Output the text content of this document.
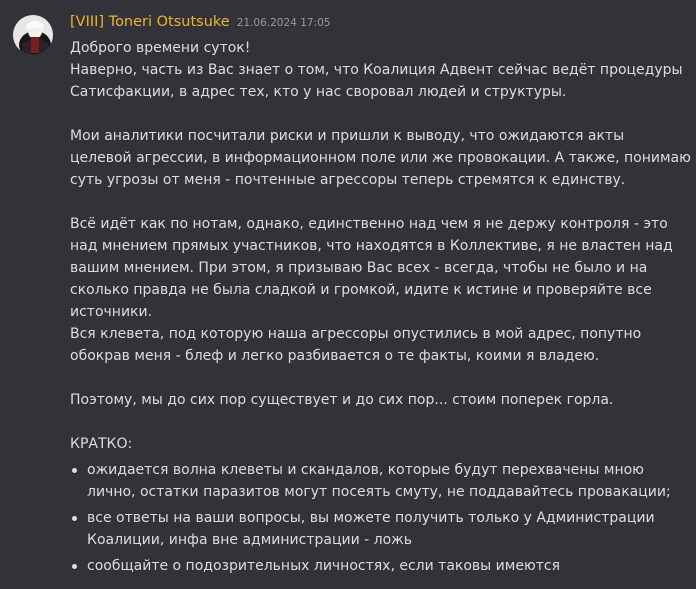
[VIII] Toneri Otsutsuke 21.06.2024 17:05
Доброго времени суток!
Наверно, часть из Вас знает о том, что Коалиция Адвент сейчас ведёт процедуры
Сатисфакции, в адрес тех, кто у нас своровал людей и структуры.
Мои аналитики посчитали риски и пришли к выводу, что ожидаются акты
целевой агрессии, в информационном поле или же провокации. А также, понимаю
суть угрозы от меня - почтенные агрессоры теперь стремятся к единству.
Всё идёт как по нотам, однако, единственно над чем я не держу контроля - это
над мнением прямых участников, что находятся в Коллективе, я не властен над
вашим мнением. При этом, я призываю Вас всех - всегда, чтобы не было и на
сколько правда не была сладкой и громкой, идите к истине и проверяйте все
источники.
Вся клевета, под которую наша агрессоры опустились в мой адрес, попутно
обокрав меня - блеф и легко разбивается о те факты, коими я владею.
Поэтому, мы до сих пор существует и до сих пор... стоим поперек горла.
КРАТКО:
ожидается волна клеветы и скандалов, которые будут перехвачены мною
лично, остатки паразитов могут посеять смуту, не поддавайтесь провакации;
все ответы на ваши вопросы, вы можете получить только у Администрации
Коалиции, инфа вне администрации - ложь
сообщайте о подозрительных личностях, если таковы имеются
